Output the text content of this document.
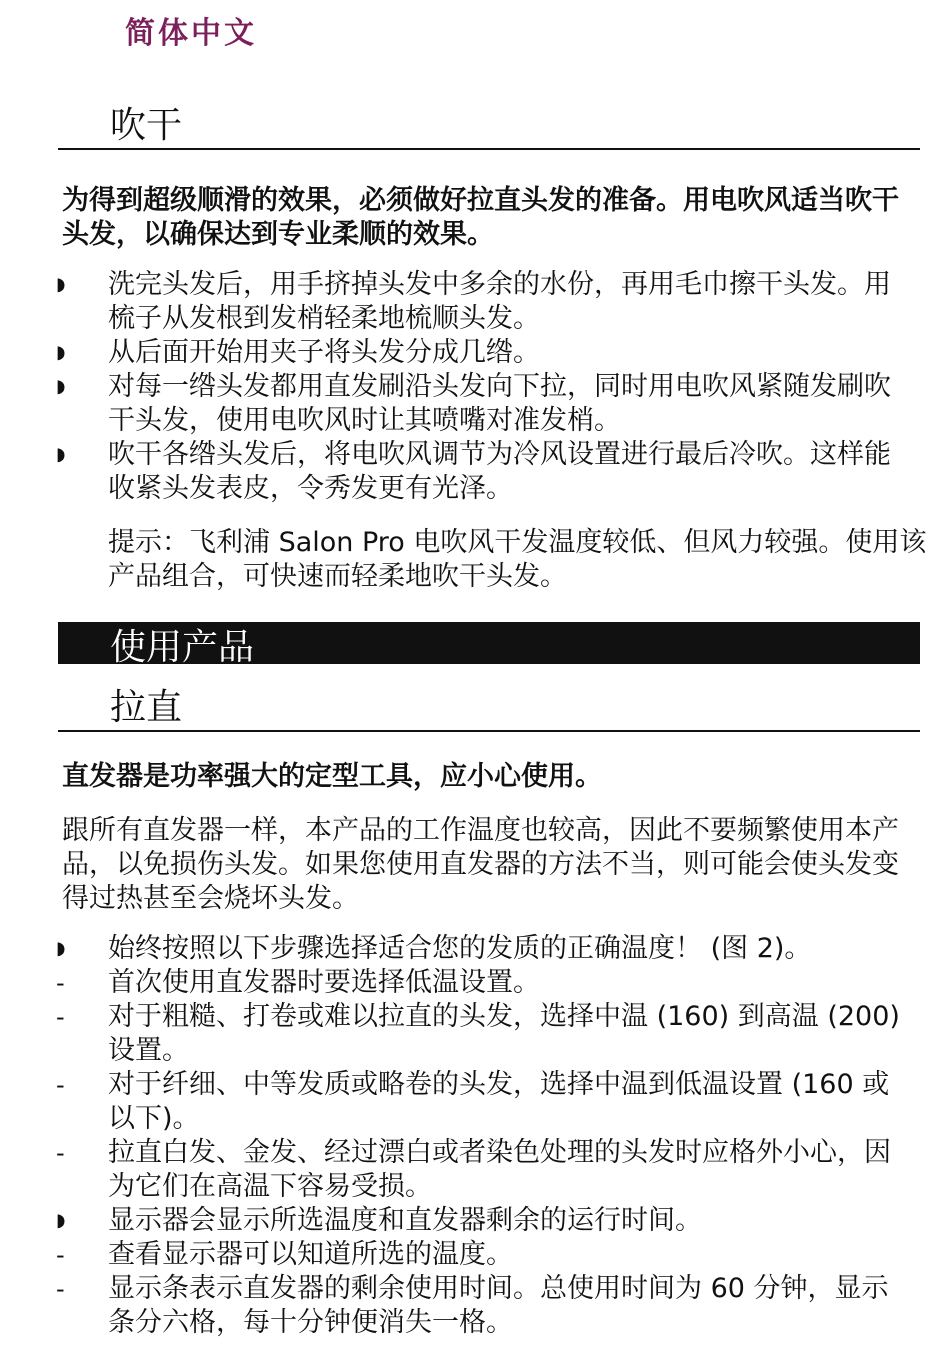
简体中文
吹干
为得到超级顺滑的效果，必须做好拉直头发的准备。用电吹风适当吹干头发，以确保达到专业柔顺的效果。
◗ 洗完头发后，用手挤掉头发中多余的水份，再用毛巾擦干头发。用梳子从发根到发梢轻柔地梳顺头发。
◗ 从后面开始用夹子将头发分成几绺。
◗ 对每一绺头发都用直发刷沿头发向下拉，同时用电吹风紧随发刷吹干头发，使用电吹风时让其喷嘴对准发梢。
◗ 吹干各绺头发后，将电吹风调节为冷风设置进行最后冷吹。这样能收紧头发表皮，令秀发更有光泽。
提示：飞利浦 Salon Pro 电吹风干发温度较低、但风力较强。使用该产品组合，可快速而轻柔地吹干头发。
使用产品
拉直
直发器是功率强大的定型工具，应小心使用。
跟所有直发器一样，本产品的工作温度也较高，因此不要频繁使用本产品，以免损伤头发。如果您使用直发器的方法不当，则可能会使头发变得过热甚至会烧坏头发。
◗ 始终按照以下步骤选择适合您的发质的正确温度！ (图 2)。
- 首次使用直发器时要选择低温设置。
- 对于粗糙、打卷或难以拉直的头发，选择中温 (160) 到高温 (200) 设置。
- 对于纤细、中等发质或略卷的头发，选择中温到低温设置 (160 或以下)。
- 拉直白发、金发、经过漂白或者染色处理的头发时应格外小心，因为它们在高温下容易受损。
◗ 显示器会显示所选温度和直发器剩余的运行时间。
- 查看显示器可以知道所选的温度。
- 显示条表示直发器的剩余使用时间。总使用时间为 60 分钟，显示条分六格，每十分钟便消失一格。
